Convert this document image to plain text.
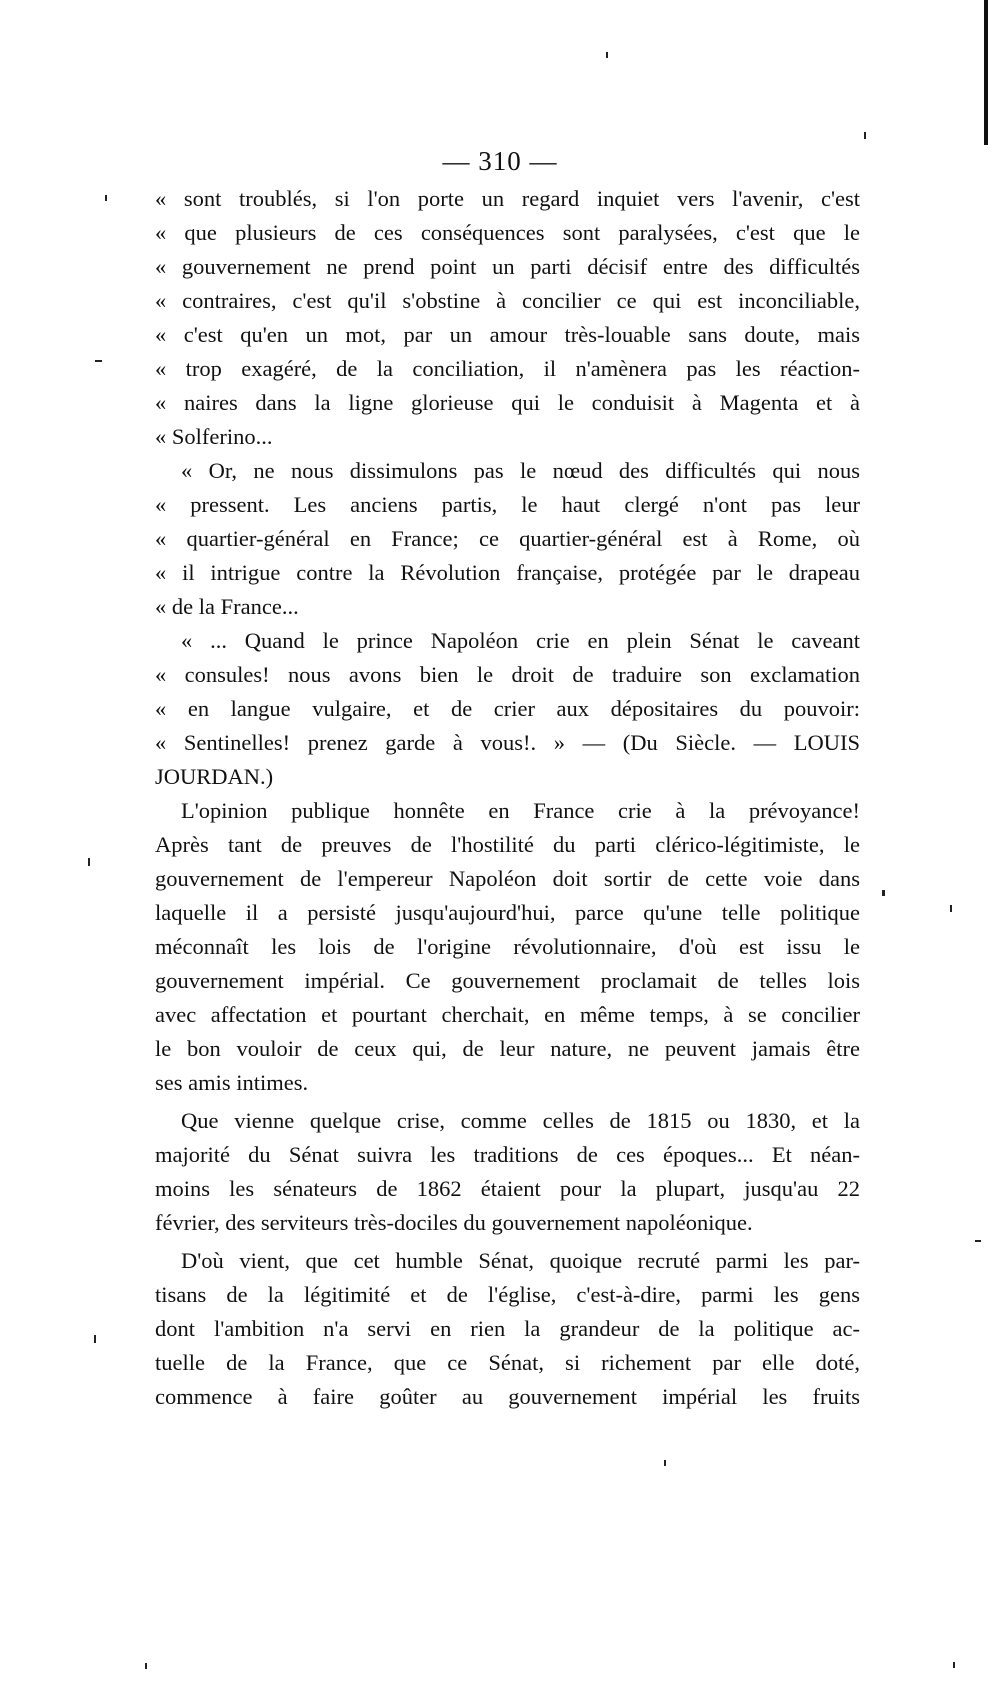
— 310 —
« sont troublés, si l'on porte un regard inquiet vers l'avenir, c'est
« que plusieurs de ces conséquences sont paralysées, c'est que le
« gouvernement ne prend point un parti décisif entre des difficultés
« contraires, c'est qu'il s'obstine à concilier ce qui est inconciliable,
« c'est qu'en un mot, par un amour très-louable sans doute, mais
« trop exagéré, de la conciliation, il n'amènera pas les réaction-
« naires dans la ligne glorieuse qui le conduisit à Magenta et à
« Solferino...
« Or, ne nous dissimulons pas le nœud des difficultés qui nous
« pressent. Les anciens partis, le haut clergé n'ont pas leur
« quartier-général en France; ce quartier-général est à Rome, où
« il intrigue contre la Révolution française, protégée par le drapeau
« de la France...
« ... Quand le prince Napoléon crie en plein Sénat le caveant
« consules! nous avons bien le droit de traduire son exclamation
« en langue vulgaire, et de crier aux dépositaires du pouvoir:
« Sentinelles! prenez garde à vous!. » — (Du Siècle. — LOUIS
JOURDAN.)
L'opinion publique honnête en France crie à la prévoyance!
Après tant de preuves de l'hostilité du parti clérico-légitimiste, le
gouvernement de l'empereur Napoléon doit sortir de cette voie dans
laquelle il a persisté jusqu'aujourd'hui, parce qu'une telle politique
méconnaît les lois de l'origine révolutionnaire, d'où est issu le
gouvernement impérial. Ce gouvernement proclamait de telles lois
avec affectation et pourtant cherchait, en même temps, à se concilier
le bon vouloir de ceux qui, de leur nature, ne peuvent jamais être
ses amis intimes.
Que vienne quelque crise, comme celles de 1815 ou 1830, et la
majorité du Sénat suivra les traditions de ces époques... Et néan-
moins les sénateurs de 1862 étaient pour la plupart, jusqu'au 22
février, des serviteurs très-dociles du gouvernement napoléonique.
D'où vient, que cet humble Sénat, quoique recruté parmi les par-
tisans de la légitimité et de l'église, c'est-à-dire, parmi les gens
dont l'ambition n'a servi en rien la grandeur de la politique ac-
tuelle de la France, que ce Sénat, si richement par elle doté,
commence à faire goûter au gouvernement impérial les fruits
